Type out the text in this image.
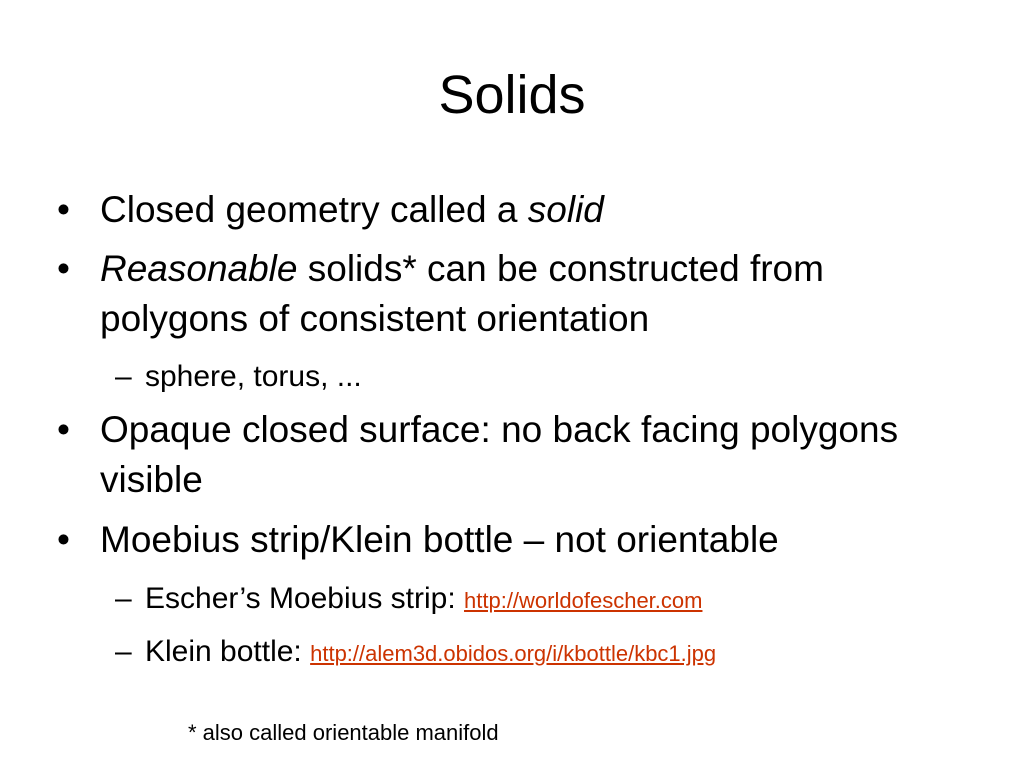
Solids
• Closed geometry called a solid
• Reasonable solids* can be constructed from polygons of consistent orientation
– sphere, torus, ...
• Opaque closed surface: no back facing polygons visible
• Moebius strip/Klein bottle – not orientable
– Escher’s Moebius strip: http://worldofescher.com
– Klein bottle: http://alem3d.obidos.org/i/kbottle/kbc1.jpg
* also called orientable manifold
